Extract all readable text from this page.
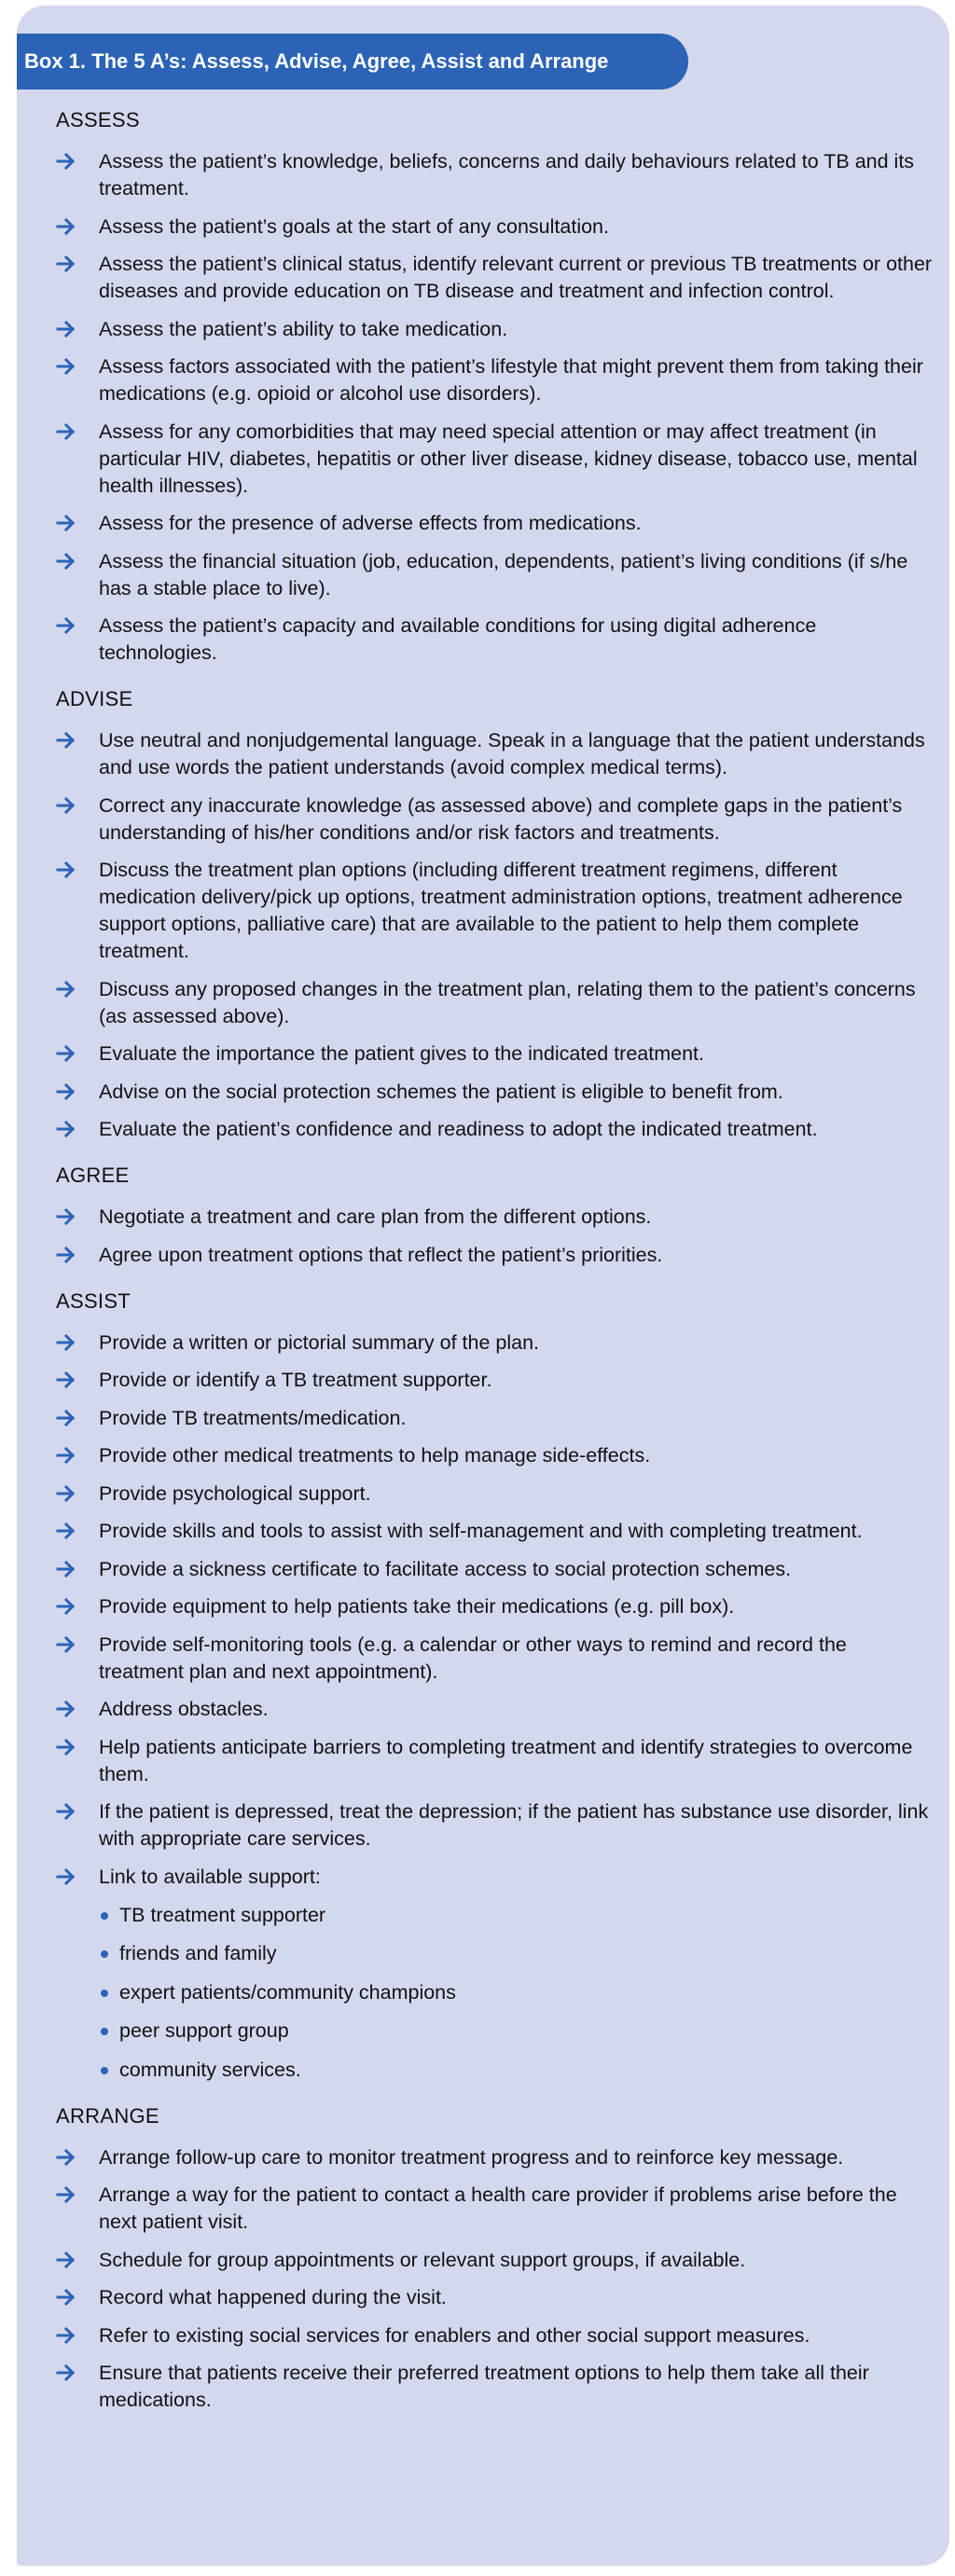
Box 1. The 5 A’s: Assess, Advise, Agree, Assist and Arrange
ASSESS
Assess the patient’s knowledge, beliefs, concerns and daily behaviours related to TB and its treatment.
Assess the patient’s goals at the start of any consultation.
Assess the patient’s clinical status, identify relevant current or previous TB treatments or other diseases and provide education on TB disease and treatment and infection control.
Assess the patient’s ability to take medication.
Assess factors associated with the patient’s lifestyle that might prevent them from taking their medications (e.g. opioid or alcohol use disorders).
Assess for any comorbidities that may need special attention or may affect treatment (in particular HIV, diabetes, hepatitis or other liver disease, kidney disease, tobacco use, mental health illnesses).
Assess for the presence of adverse effects from medications.
Assess the financial situation (job, education, dependents, patient’s living conditions (if s/he has a stable place to live).
Assess the patient’s capacity and available conditions for using digital adherence technologies.
ADVISE
Use neutral and nonjudgemental language. Speak in a language that the patient understands and use words the patient understands (avoid complex medical terms).
Correct any inaccurate knowledge (as assessed above) and complete gaps in the patient’s understanding of his/her conditions and/or risk factors and treatments.
Discuss the treatment plan options (including different treatment regimens, different medication delivery/pick up options, treatment administration options, treatment adherence support options, palliative care) that are available to the patient to help them complete treatment.
Discuss any proposed changes in the treatment plan, relating them to the patient’s concerns (as assessed above).
Evaluate the importance the patient gives to the indicated treatment.
Advise on the social protection schemes the patient is eligible to benefit from.
Evaluate the patient’s confidence and readiness to adopt the indicated treatment.
AGREE
Negotiate a treatment and care plan from the different options.
Agree upon treatment options that reflect the patient’s priorities.
ASSIST
Provide a written or pictorial summary of the plan.
Provide or identify a TB treatment supporter.
Provide TB treatments/medication.
Provide other medical treatments to help manage side-effects.
Provide psychological support.
Provide skills and tools to assist with self-management and with completing treatment.
Provide a sickness certificate to facilitate access to social protection schemes.
Provide equipment to help patients take their medications (e.g. pill box).
Provide self-monitoring tools (e.g. a calendar or other ways to remind and record the treatment plan and next appointment).
Address obstacles.
Help patients anticipate barriers to completing treatment and identify strategies to overcome them.
If the patient is depressed, treat the depression; if the patient has substance use disorder, link with appropriate care services.
Link to available support:
TB treatment supporter
friends and family
expert patients/community champions
peer support group
community services.
ARRANGE
Arrange follow-up care to monitor treatment progress and to reinforce key message.
Arrange a way for the patient to contact a health care provider if problems arise before the next patient visit.
Schedule for group appointments or relevant support groups, if available.
Record what happened during the visit.
Refer to existing social services for enablers and other social support measures.
Ensure that patients receive their preferred treatment options to help them take all their medications.
